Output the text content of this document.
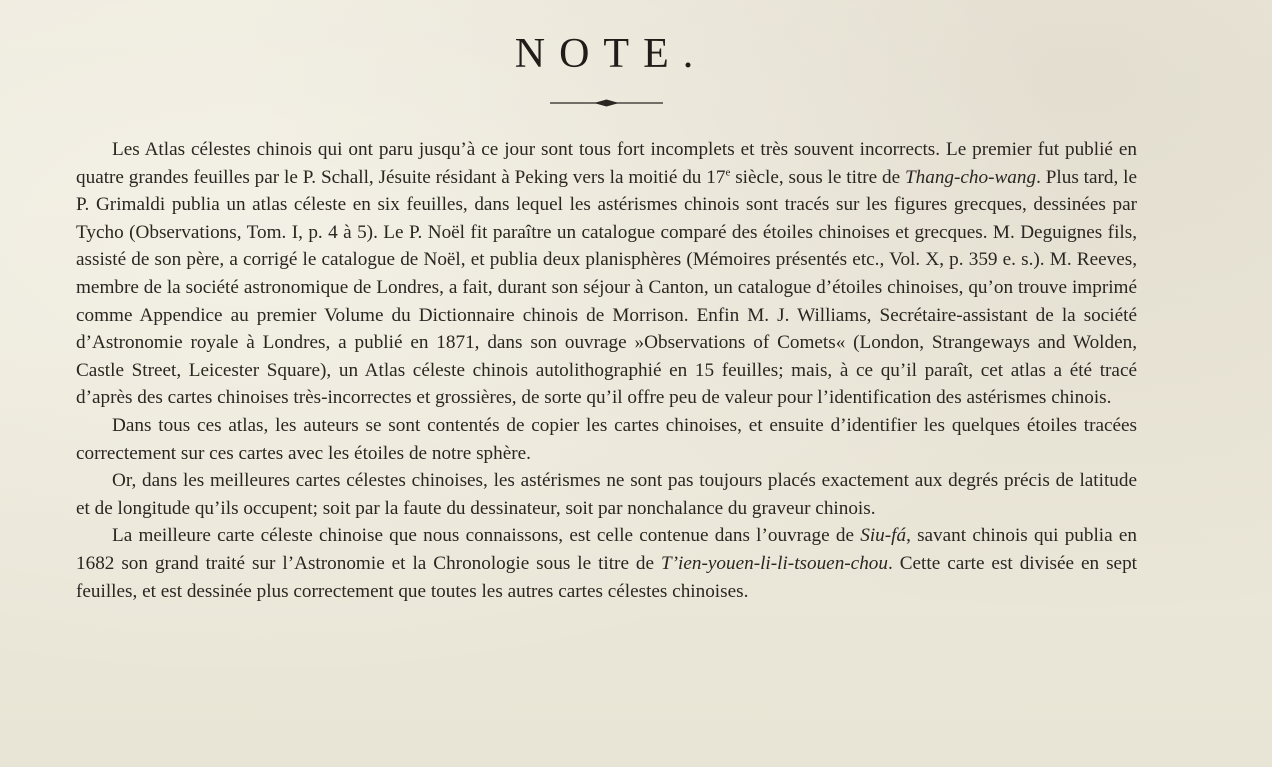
NOTE.

Les Atlas célestes chinois qui ont paru jusqu’à ce jour sont tous fort incomplets et très souvent incorrects. Le premier fut publié en quatre grandes feuilles par le P. Schall, Jésuite résidant à Peking vers la moitié du 17e siècle, sous le titre de Thang-cho-wang. Plus tard, le P. Grimaldi publia un atlas céleste en six feuilles, dans lequel les astérismes chinois sont tracés sur les figures grecques, dessinées par Tycho (Observations, Tom. I, p. 4 à 5). Le P. Noël fit paraître un catalogue comparé des étoiles chinoises et grecques. M. Deguignes fils, assisté de son père, a corrigé le catalogue de Noël, et publia deux planisphères (Mémoires présentés etc., Vol. X, p. 359 e. s.). M. Reeves, membre de la société astronomique de Londres, a fait, durant son séjour à Canton, un catalogue d’étoiles chinoises, qu’on trouve imprimé comme Appendice au premier Volume du Dictionnaire chinois de Morrison. Enfin M. J. Williams, Secrétaire-assistant de la société d’Astronomie royale à Londres, a publié en 1871, dans son ouvrage »Observations of Comets« (London, Strangeways and Wolden, Castle Street, Leicester Square), un Atlas céleste chinois autolithographié en 15 feuilles; mais, à ce qu’il paraît, cet atlas a été tracé d’après des cartes chinoises très-incorrectes et grossières, de sorte qu’il offre peu de valeur pour l’identification des astérismes chinois.

Dans tous ces atlas, les auteurs se sont contentés de copier les cartes chinoises, et ensuite d’identifier les quelques étoiles tracées correctement sur ces cartes avec les étoiles de notre sphère.

Or, dans les meilleures cartes célestes chinoises, les astérismes ne sont pas toujours placés exactement aux degrés précis de latitude et de longitude qu’ils occupent; soit par la faute du dessinateur, soit par nonchalance du graveur chinois.

La meilleure carte céleste chinoise que nous connaissons, est celle contenue dans l’ouvrage de Siu-fá, savant chinois qui publia en 1682 son grand traité sur l’Astronomie et la Chronologie sous le titre de T’ien-youen-li-li-tsouen-chou. Cette carte est divisée en sept feuilles, et est dessinée plus correctement que toutes les autres cartes célestes chinoises.
